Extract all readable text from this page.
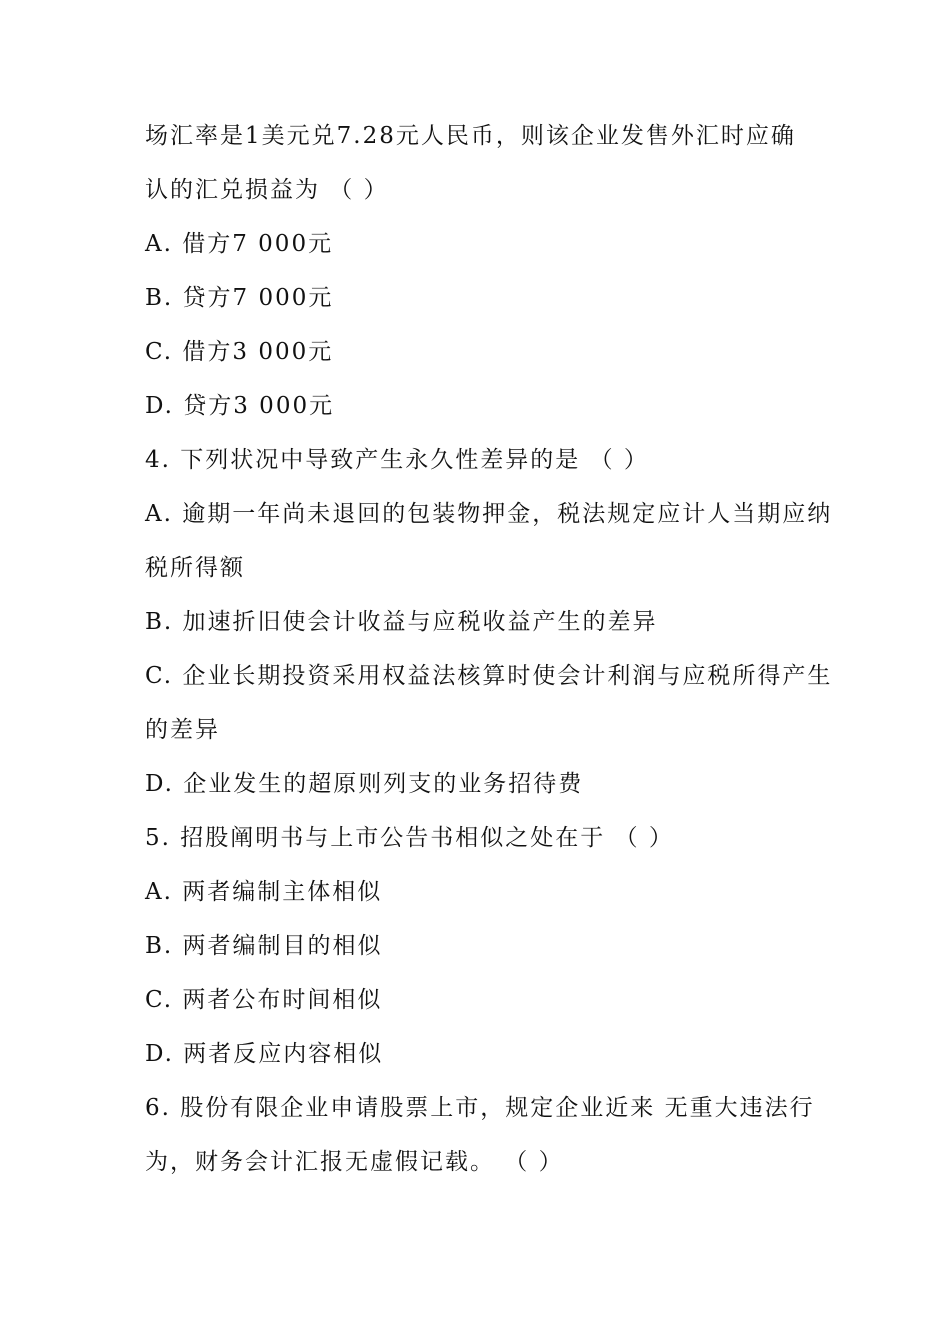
场汇率是1美元兑7.28元人民币，则该企业发售外汇时应确
认的汇兑损益为 （ ）
A. 借方7 000元
B. 贷方7 000元
C. 借方3 000元
D. 贷方3 000元
4. 下列状况中导致产生永久性差异的是 （ ）
A. 逾期一年尚未退回的包装物押金，税法规定应计人当期应纳
税所得额
B. 加速折旧使会计收益与应税收益产生的差异
C. 企业长期投资采用权益法核算时使会计利润与应税所得产生
的差异
D. 企业发生的超原则列支的业务招待费
5. 招股阐明书与上市公告书相似之处在于 （ ）
A. 两者编制主体相似
B. 两者编制目的相似
C. 两者公布时间相似
D. 两者反应内容相似
6. 股份有限企业申请股票上市，规定企业近来 无重大违法行
为，财务会计汇报无虚假记载。 （ ）
